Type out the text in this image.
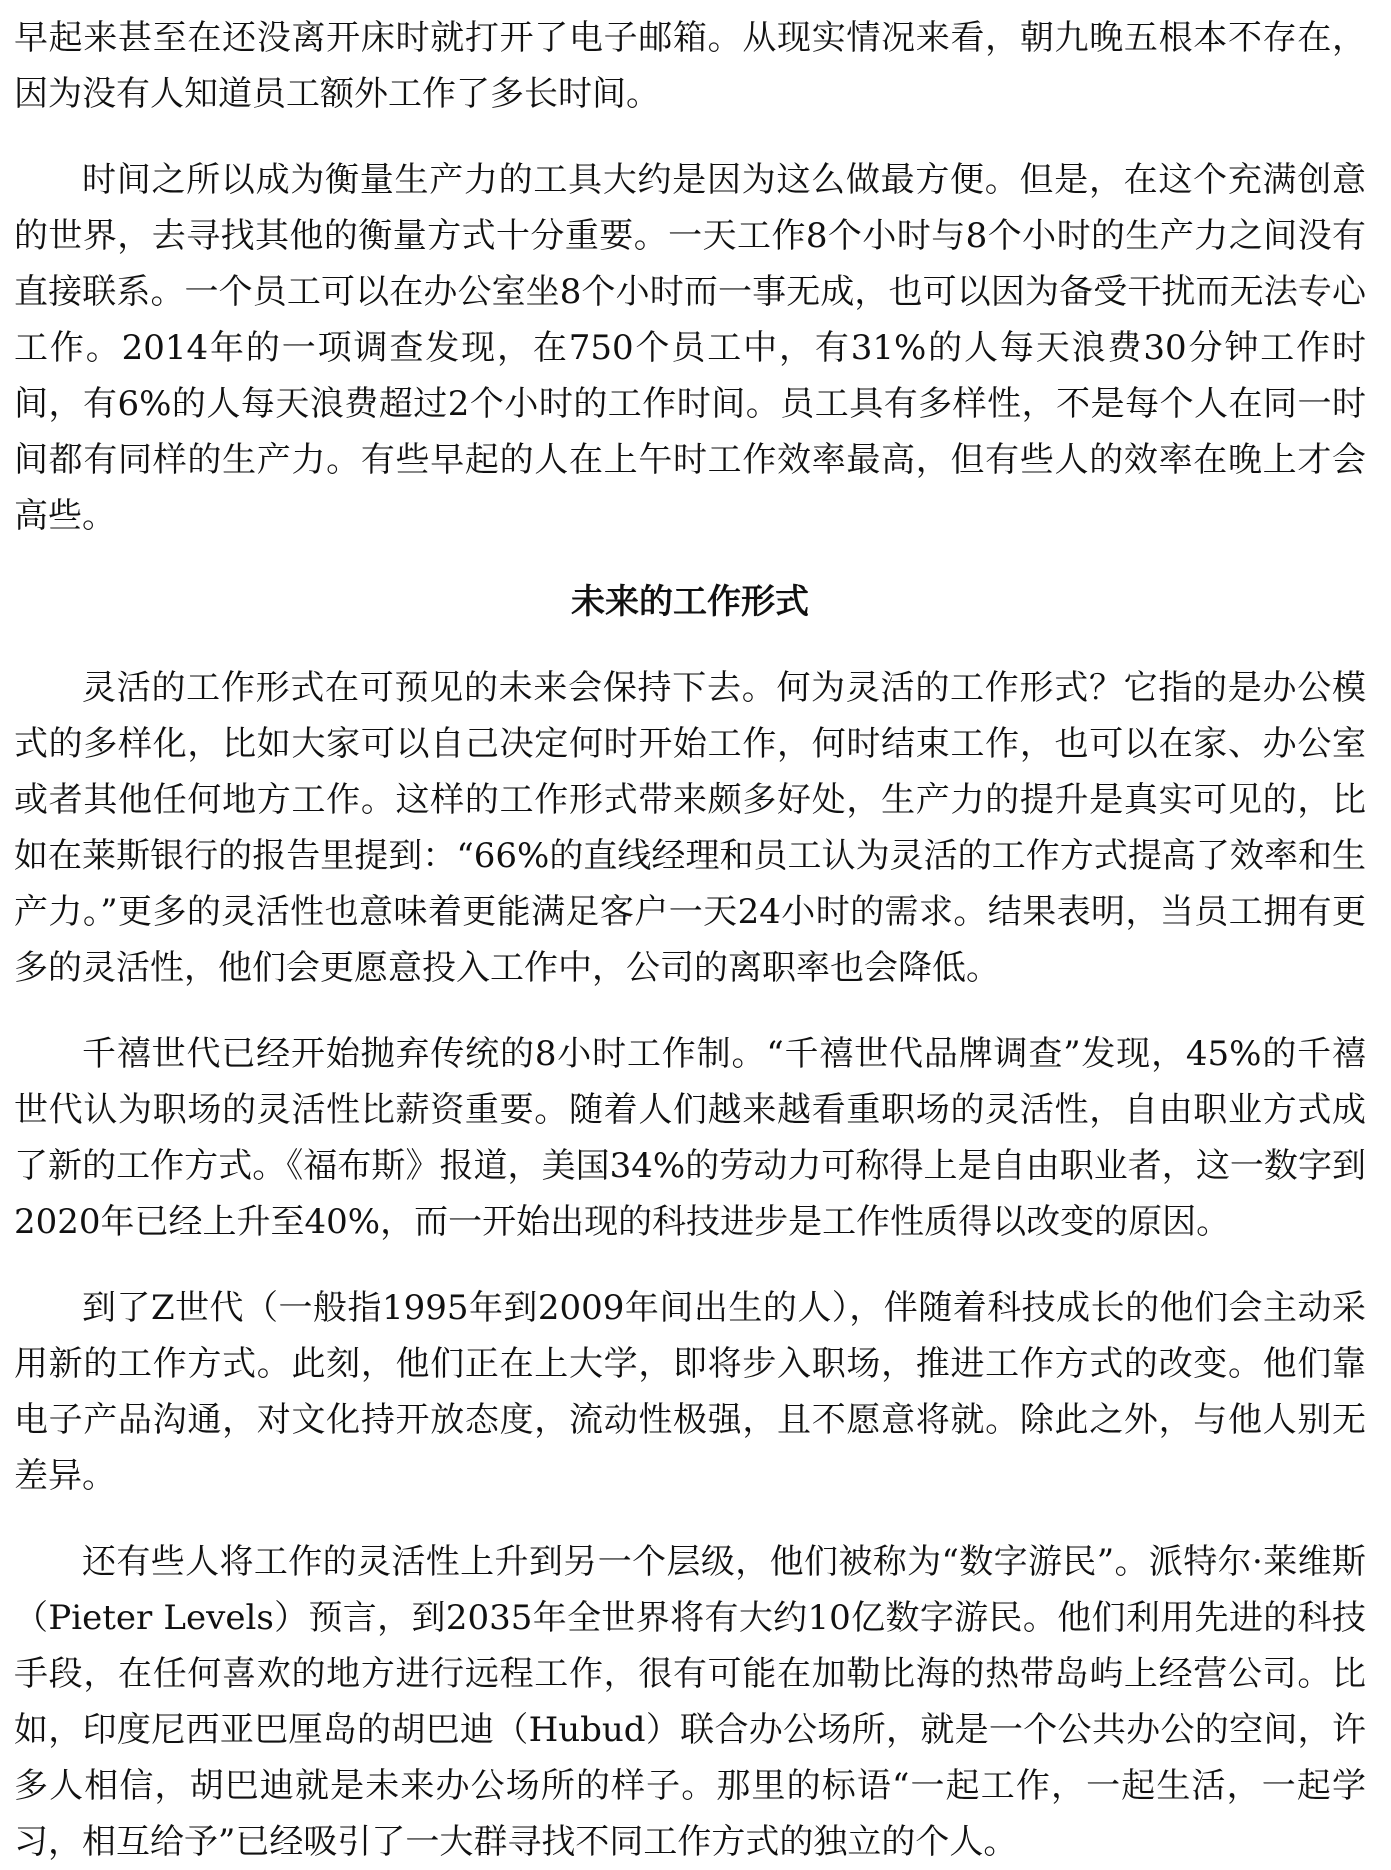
早起来甚至在还没离开床时就打开了电子邮箱。从现实情况来看，朝九晚五根本不存在，因为没有人知道员工额外工作了多长时间。

时间之所以成为衡量生产力的工具大约是因为这么做最方便。但是，在这个充满创意的世界，去寻找其他的衡量方式十分重要。一天工作8个小时与8个小时的生产力之间没有直接联系。一个员工可以在办公室坐8个小时而一事无成，也可以因为备受干扰而无法专心工作。2014年的一项调查发现，在750个员工中，有31%的人每天浪费30分钟工作时间，有6%的人每天浪费超过2个小时的工作时间。员工具有多样性，不是每个人在同一时间都有同样的生产力。有些早起的人在上午时工作效率最高，但有些人的效率在晚上才会高些。

未来的工作形式

灵活的工作形式在可预见的未来会保持下去。何为灵活的工作形式？它指的是办公模式的多样化，比如大家可以自己决定何时开始工作，何时结束工作，也可以在家、办公室或者其他任何地方工作。这样的工作形式带来颇多好处，生产力的提升是真实可见的，比如在莱斯银行的报告里提到：“66%的直线经理和员工认为灵活的工作方式提高了效率和生产力。”更多的灵活性也意味着更能满足客户一天24小时的需求。结果表明，当员工拥有更多的灵活性，他们会更愿意投入工作中，公司的离职率也会降低。

千禧世代已经开始抛弃传统的8小时工作制。“千禧世代品牌调查”发现，45%的千禧世代认为职场的灵活性比薪资重要。随着人们越来越看重职场的灵活性，自由职业方式成了新的工作方式。《福布斯》报道，美国34%的劳动力可称得上是自由职业者，这一数字到2020年已经上升至40%，而一开始出现的科技进步是工作性质得以改变的原因。

到了Z世代（一般指1995年到2009年间出生的人），伴随着科技成长的他们会主动采用新的工作方式。此刻，他们正在上大学，即将步入职场，推进工作方式的改变。他们靠电子产品沟通，对文化持开放态度，流动性极强，且不愿意将就。除此之外，与他人别无差异。

还有些人将工作的灵活性上升到另一个层级，他们被称为“数字游民”。派特尔·莱维斯（Pieter Levels）预言，到2035年全世界将有大约10亿数字游民。他们利用先进的科技手段，在任何喜欢的地方进行远程工作，很有可能在加勒比海的热带岛屿上经营公司。比如，印度尼西亚巴厘岛的胡巴迪（Hubud）联合办公场所，就是一个公共办公的空间，许多人相信，胡巴迪就是未来办公场所的样子。那里的标语“一起工作，一起生活，一起学习，相互给予”已经吸引了一大群寻找不同工作方式的独立的个人。
